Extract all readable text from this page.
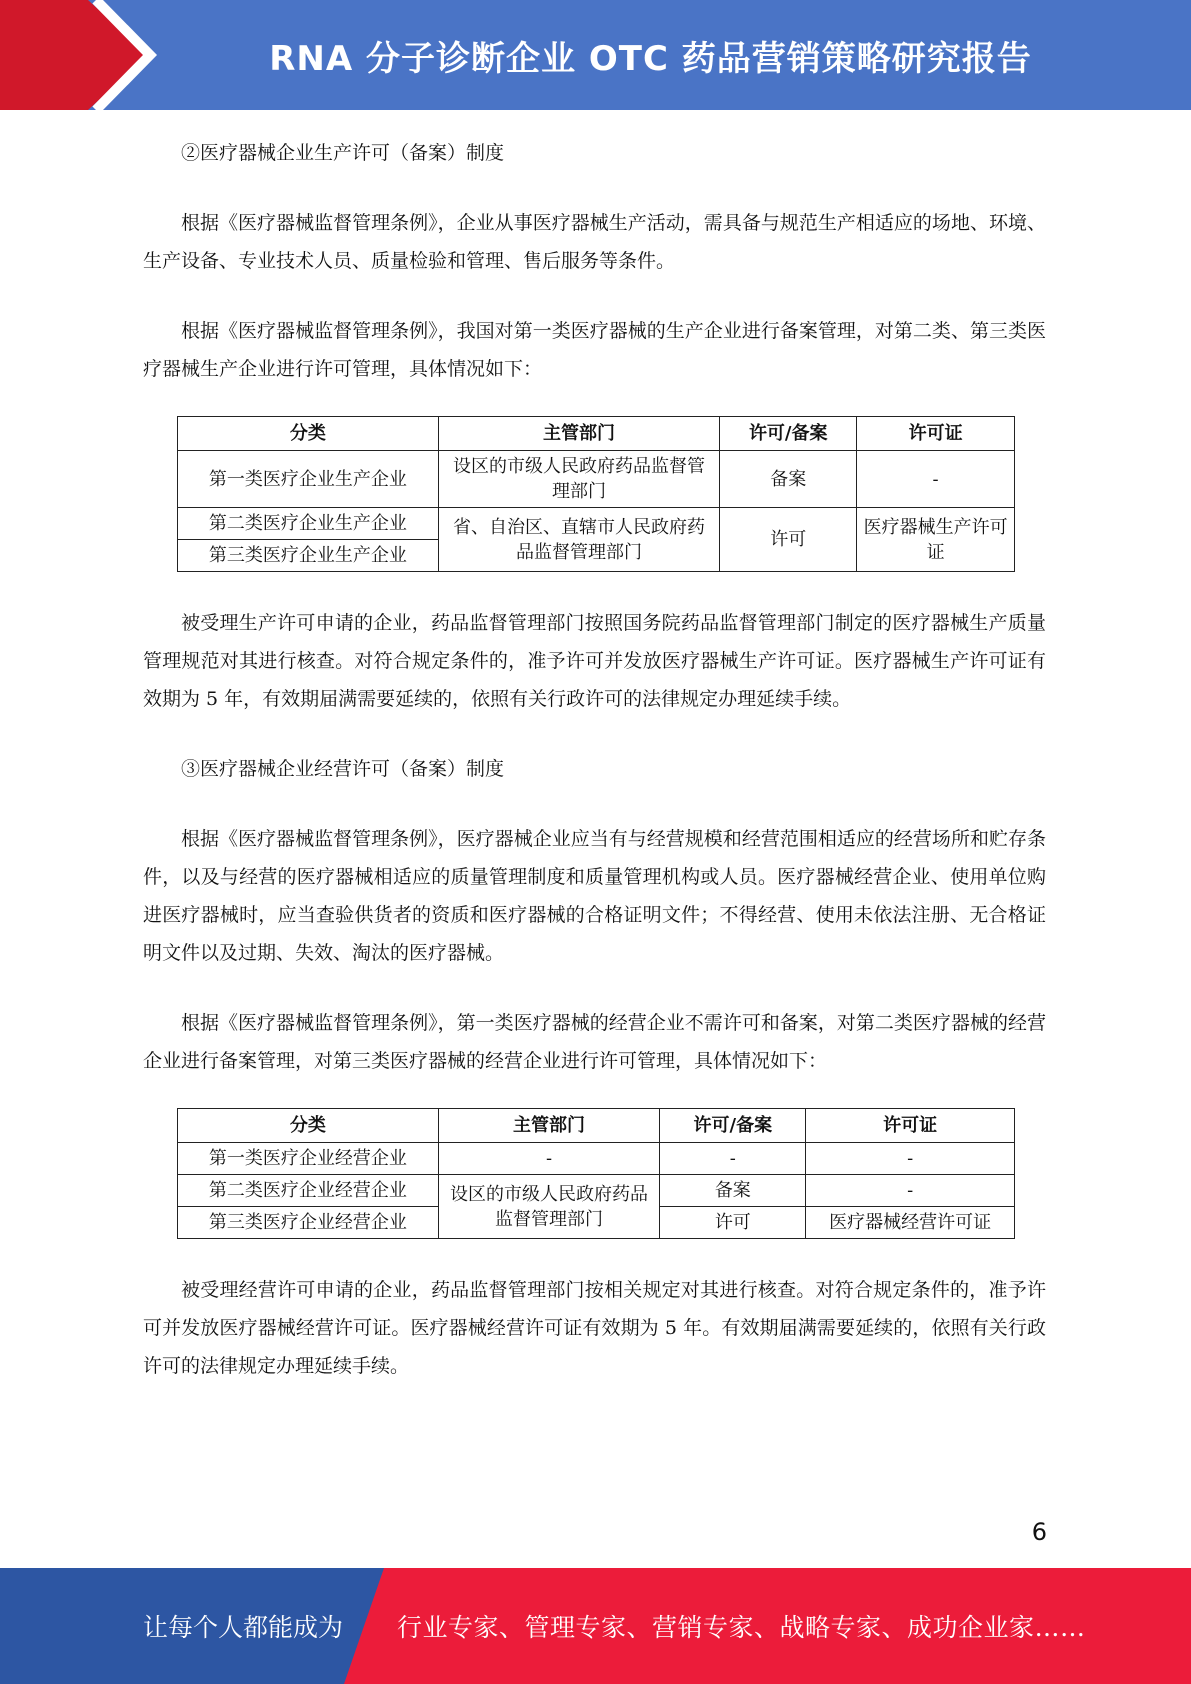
RNA 分子诊断企业 OTC 药品营销策略研究报告

②医疗器械企业生产许可（备案）制度

根据《医疗器械监督管理条例》，企业从事医疗器械生产活动，需具备与规范生产相适应的场地、环境、生产设备、专业技术人员、质量检验和管理、售后服务等条件。

根据《医疗器械监督管理条例》，我国对第一类医疗器械的生产企业进行备案管理，对第二类、第三类医疗器械生产企业进行许可管理，具体情况如下：

分类	主管部门	许可/备案	许可证
第一类医疗企业生产企业	设区的市级人民政府药品监督管理部门	备案	-
第二类医疗企业生产企业	省、自治区、直辖市人民政府药品监督管理部门	许可	医疗器械生产许可证
第三类医疗企业生产企业			

被受理生产许可申请的企业，药品监督管理部门按照国务院药品监督管理部门制定的医疗器械生产质量管理规范对其进行核查。对符合规定条件的，准予许可并发放医疗器械生产许可证。医疗器械生产许可证有效期为 5 年，有效期届满需要延续的，依照有关行政许可的法律规定办理延续手续。

③医疗器械企业经营许可（备案）制度

根据《医疗器械监督管理条例》，医疗器械企业应当有与经营规模和经营范围相适应的经营场所和贮存条件，以及与经营的医疗器械相适应的质量管理制度和质量管理机构或人员。医疗器械经营企业、使用单位购进医疗器械时，应当查验供货者的资质和医疗器械的合格证明文件；不得经营、使用未依法注册、无合格证明文件以及过期、失效、淘汰的医疗器械。

根据《医疗器械监督管理条例》，第一类医疗器械的经营企业不需许可和备案，对第二类医疗器械的经营企业进行备案管理，对第三类医疗器械的经营企业进行许可管理，具体情况如下：

分类	主管部门	许可/备案	许可证
第一类医疗企业经营企业	-	-	-
第二类医疗企业经营企业	设区的市级人民政府药品监督管理部门	备案	-
第三类医疗企业经营企业		许可	医疗器械经营许可证

被受理经营许可申请的企业，药品监督管理部门按相关规定对其进行核查。对符合规定条件的，准予许可并发放医疗器械经营许可证。医疗器械经营许可证有效期为 5 年。有效期届满需要延续的，依照有关行政许可的法律规定办理延续手续。

6
让每个人都能成为 行业专家、管理专家、营销专家、战略专家、成功企业家……
